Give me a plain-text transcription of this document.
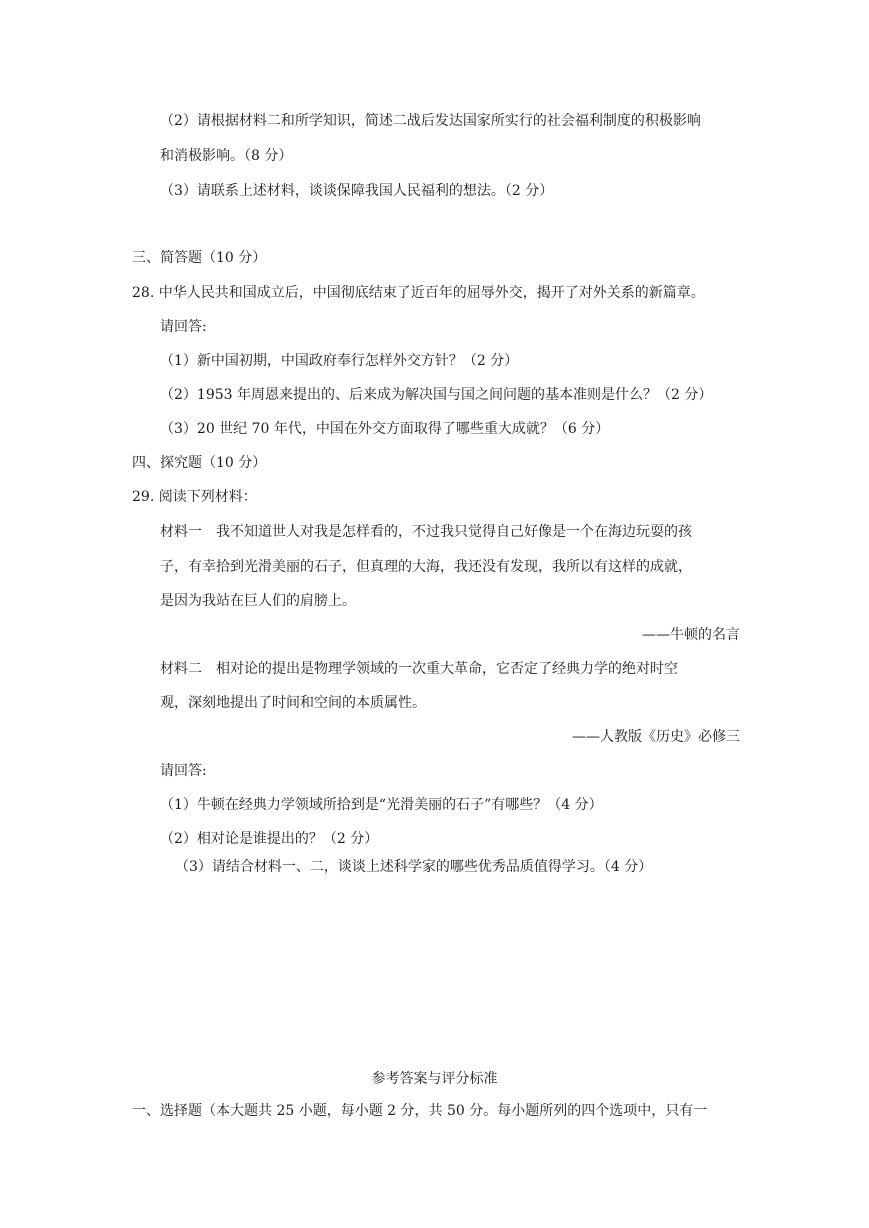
（2）请根据材料二和所学知识，简述二战后发达国家所实行的社会福利制度的积极影响
和消极影响。（8 分）
（3）请联系上述材料，谈谈保障我国人民福利的想法。（2 分）
三、简答题（10 分）
28. 中华人民共和国成立后，中国彻底结束了近百年的屈辱外交，揭开了对外关系的新篇章。
请回答:
（1）新中国初期，中国政府奉行怎样外交方针？（2 分）
（2）1953 年周恩来提出的、后来成为解决国与国之间问题的基本准则是什么？（2 分）
（3）20 世纪 70 年代，中国在外交方面取得了哪些重大成就？（6 分）
四、探究题（10 分）
29. 阅读下列材料：
材料一　我不知道世人对我是怎样看的，不过我只觉得自己好像是一个在海边玩耍的孩
子，有幸拾到光滑美丽的石子，但真理的大海，我还没有发现，我所以有这样的成就，
是因为我站在巨人们的肩膀上。
——牛顿的名言
材料二　相对论的提出是物理学领域的一次重大革命，它否定了经典力学的绝对时空
观，深刻地提出了时间和空间的本质属性。
——人教版《历史》必修三
请回答:
（1）牛顿在经典力学领域所拾到是“光滑美丽的石子”有哪些？（4 分）
（2）相对论是谁提出的？（2 分）
（3）请结合材料一、二，谈谈上述科学家的哪些优秀品质值得学习。（4 分）
参考答案与评分标准
一、选择题（本大题共 25 小题，每小题 2 分，共 50 分。每小题所列的四个选项中，只有一
